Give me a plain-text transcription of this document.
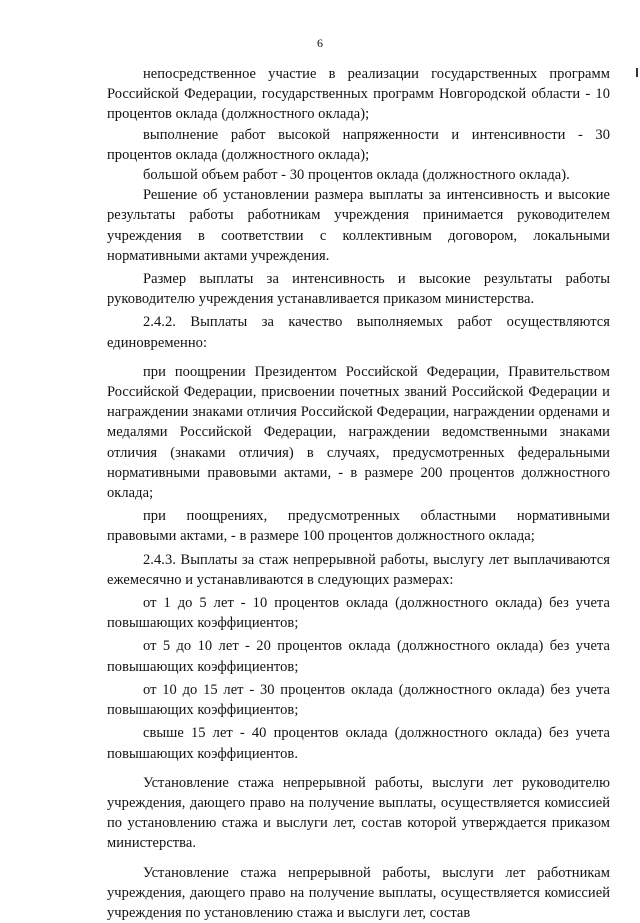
6

непосредственное участие в реализации государственных программ Российской Федерации, государственных программ Новгородской области - 10 процентов оклада (должностного оклада);

выполнение работ высокой напряженности и интенсивности - 30 процентов оклада (должностного оклада);

большой объем работ - 30 процентов оклада (должностного оклада).

Решение об установлении размера выплаты за интенсивность и высокие результаты работы работникам учреждения принимается руководителем учреждения в соответствии с коллективным договором, локальными нормативными актами учреждения.

Размер выплаты за интенсивность и высокие результаты работы руководителю учреждения устанавливается приказом министерства.

2.4.2. Выплаты за качество выполняемых работ осуществляются единовременно:

при поощрении Президентом Российской Федерации, Правительством Российской Федерации, присвоении почетных званий Российской Федерации и награждении знаками отличия Российской Федерации, награждении орденами и медалями Российской Федерации, награждении ведомственными знаками отличия (знаками отличия) в случаях, предусмотренных федеральными нормативными правовыми актами, - в размере 200 процентов должностного оклада;

при поощрениях, предусмотренных областными нормативными правовыми актами, - в размере 100 процентов должностного оклада;

2.4.3. Выплаты за стаж непрерывной работы, выслугу лет выплачиваются ежемесячно и устанавливаются в следующих размерах:

от 1 до 5 лет - 10 процентов оклада (должностного оклада) без учета повышающих коэффициентов;

от 5 до 10 лет - 20 процентов оклада (должностного оклада) без учета повышающих коэффициентов;

от 10 до 15 лет - 30 процентов оклада (должностного оклада) без учета повышающих коэффициентов;

свыше 15 лет - 40 процентов оклада (должностного оклада) без учета повышающих коэффициентов.

Установление стажа непрерывной работы, выслуги лет руководителю учреждения, дающего право на получение выплаты, осуществляется комиссией по установлению стажа и выслуги лет, состав которой утверждается приказом министерства.

Установление стажа непрерывной работы, выслуги лет работникам учреждения, дающего право на получение выплаты, осуществляется комиссией учреждения по установлению стажа и выслуги лет, состав
